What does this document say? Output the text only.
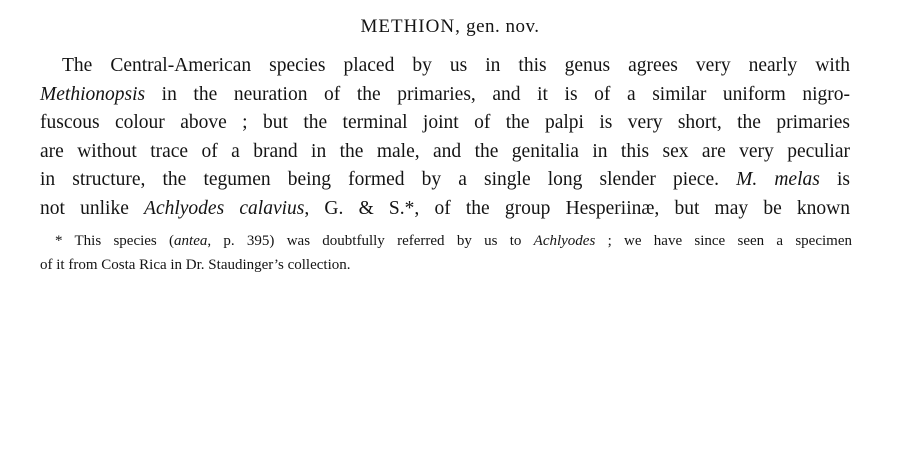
METHION, gen. nov.
The Central-American species placed by us in this genus agrees very nearly with
Methionopsis in the neuration of the primaries, and it is of a similar uniform nigro-
fuscous colour above ; but the terminal joint of the palpi is very short, the primaries
are without trace of a brand in the male, and the genitalia in this sex are very peculiar
in structure, the tegumen being formed by a single long slender piece. M. melas is
not unlike Achlyodes calavius, G. & S.*, of the group Hesperiinæ, but may be known
* This species (antea, p. 395) was doubtfully referred by us to Achlyodes ; we have since seen a specimen
of it from Costa Rica in Dr. Staudinger’s collection.
